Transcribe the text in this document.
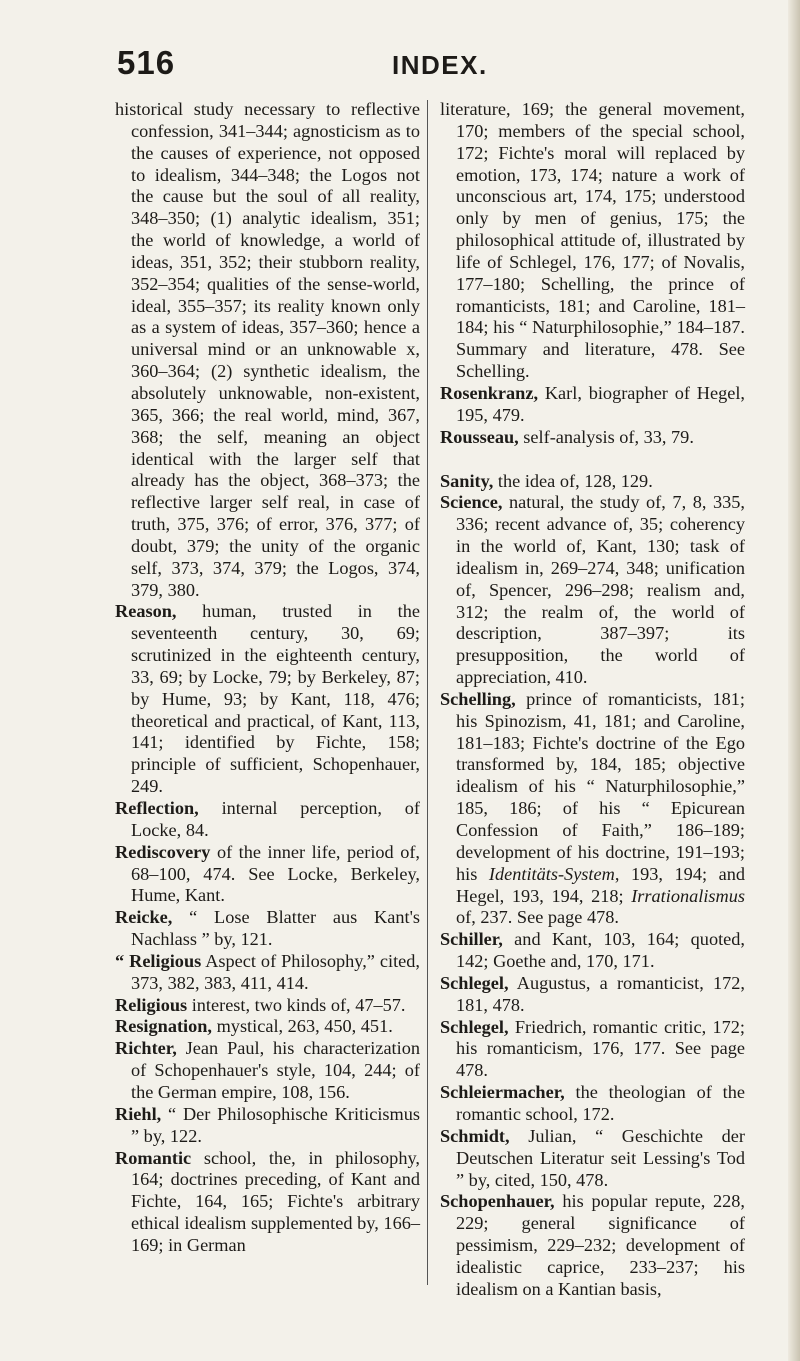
516	INDEX.

historical study necessary to reflective confession, 341–344; agnosticism as to the causes of experience, not opposed to idealism, 344–348; the Logos not the cause but the soul of all reality, 348–350; (1) analytic idealism, 351; the world of knowledge, a world of ideas, 351, 352; their stubborn reality, 352–354; qualities of the sense-world, ideal, 355–357; its reality known only as a system of ideas, 357–360; hence a universal mind or an unknowable x, 360–364; (2) synthetic idealism, the absolutely unknowable, non-existent, 365, 366; the real world, mind, 367, 368; the self, meaning an object identical with the larger self that already has the object, 368–373; the reflective larger self real, in case of truth, 375, 376; of error, 376, 377; of doubt, 379; the unity of the organic self, 373, 374, 379; the Logos, 374, 379, 380.

Reason, human, trusted in the seventeenth century, 30, 69; scrutinized in the eighteenth century, 33, 69; by Locke, 79; by Berkeley, 87; by Hume, 93; by Kant, 118, 476; theoretical and practical, of Kant, 113, 141; identified by Fichte, 158; principle of sufficient, Schopenhauer, 249.

Reflection, internal perception, of Locke, 84.

Rediscovery of the inner life, period of, 68–100, 474. See Locke, Berkeley, Hume, Kant.

Reicke, “ Lose Blatter aus Kant's Nachlass ” by, 121.

“ Religious Aspect of Philosophy,” cited, 373, 382, 383, 411, 414.

Religious interest, two kinds of, 47–57.

Resignation, mystical, 263, 450, 451.

Richter, Jean Paul, his characterization of Schopenhauer's style, 104, 244; of the German empire, 108, 156.

Riehl, “ Der Philosophische Kriticismus ” by, 122.

Romantic school, the, in philosophy, 164; doctrines preceding, of Kant and Fichte, 164, 165; Fichte's arbitrary ethical idealism supplemented by, 166–169; in German

literature, 169; the general movement, 170; members of the special school, 172; Fichte's moral will replaced by emotion, 173, 174; nature a work of unconscious art, 174, 175; understood only by men of genius, 175; the philosophical attitude of, illustrated by life of Schlegel, 176, 177; of Novalis, 177–180; Schelling, the prince of romanticists, 181; and Caroline, 181–184; his “ Naturphilosophie,” 184–187. Summary and literature, 478. See Schelling.

Rosenkranz, Karl, biographer of Hegel, 195, 479.

Rousseau, self-analysis of, 33, 79.

Sanity, the idea of, 128, 129.

Science, natural, the study of, 7, 8, 335, 336; recent advance of, 35; coherency in the world of, Kant, 130; task of idealism in, 269–274, 348; unification of, Spencer, 296–298; realism and, 312; the realm of, the world of description, 387–397; its presupposition, the world of appreciation, 410.

Schelling, prince of romanticists, 181; his Spinozism, 41, 181; and Caroline, 181–183; Fichte's doctrine of the Ego transformed by, 184, 185; objective idealism of his “ Naturphilosophie,” 185, 186; of his “ Epicurean Confession of Faith,” 186–189; development of his doctrine, 191–193; his Identitäts-System, 193, 194; and Hegel, 193, 194, 218; Irrationalismus of, 237. See page 478.

Schiller, and Kant, 103, 164; quoted, 142; Goethe and, 170, 171.

Schlegel, Augustus, a romanticist, 172, 181, 478.

Schlegel, Friedrich, romantic critic, 172; his romanticism, 176, 177. See page 478.

Schleiermacher, the theologian of the romantic school, 172.

Schmidt, Julian, “ Geschichte der Deutschen Literatur seit Lessing's Tod ” by, cited, 150, 478.

Schopenhauer, his popular repute, 228, 229; general significance of pessimism, 229–232; development of idealistic caprice, 233–237; his idealism on a Kantian basis,
